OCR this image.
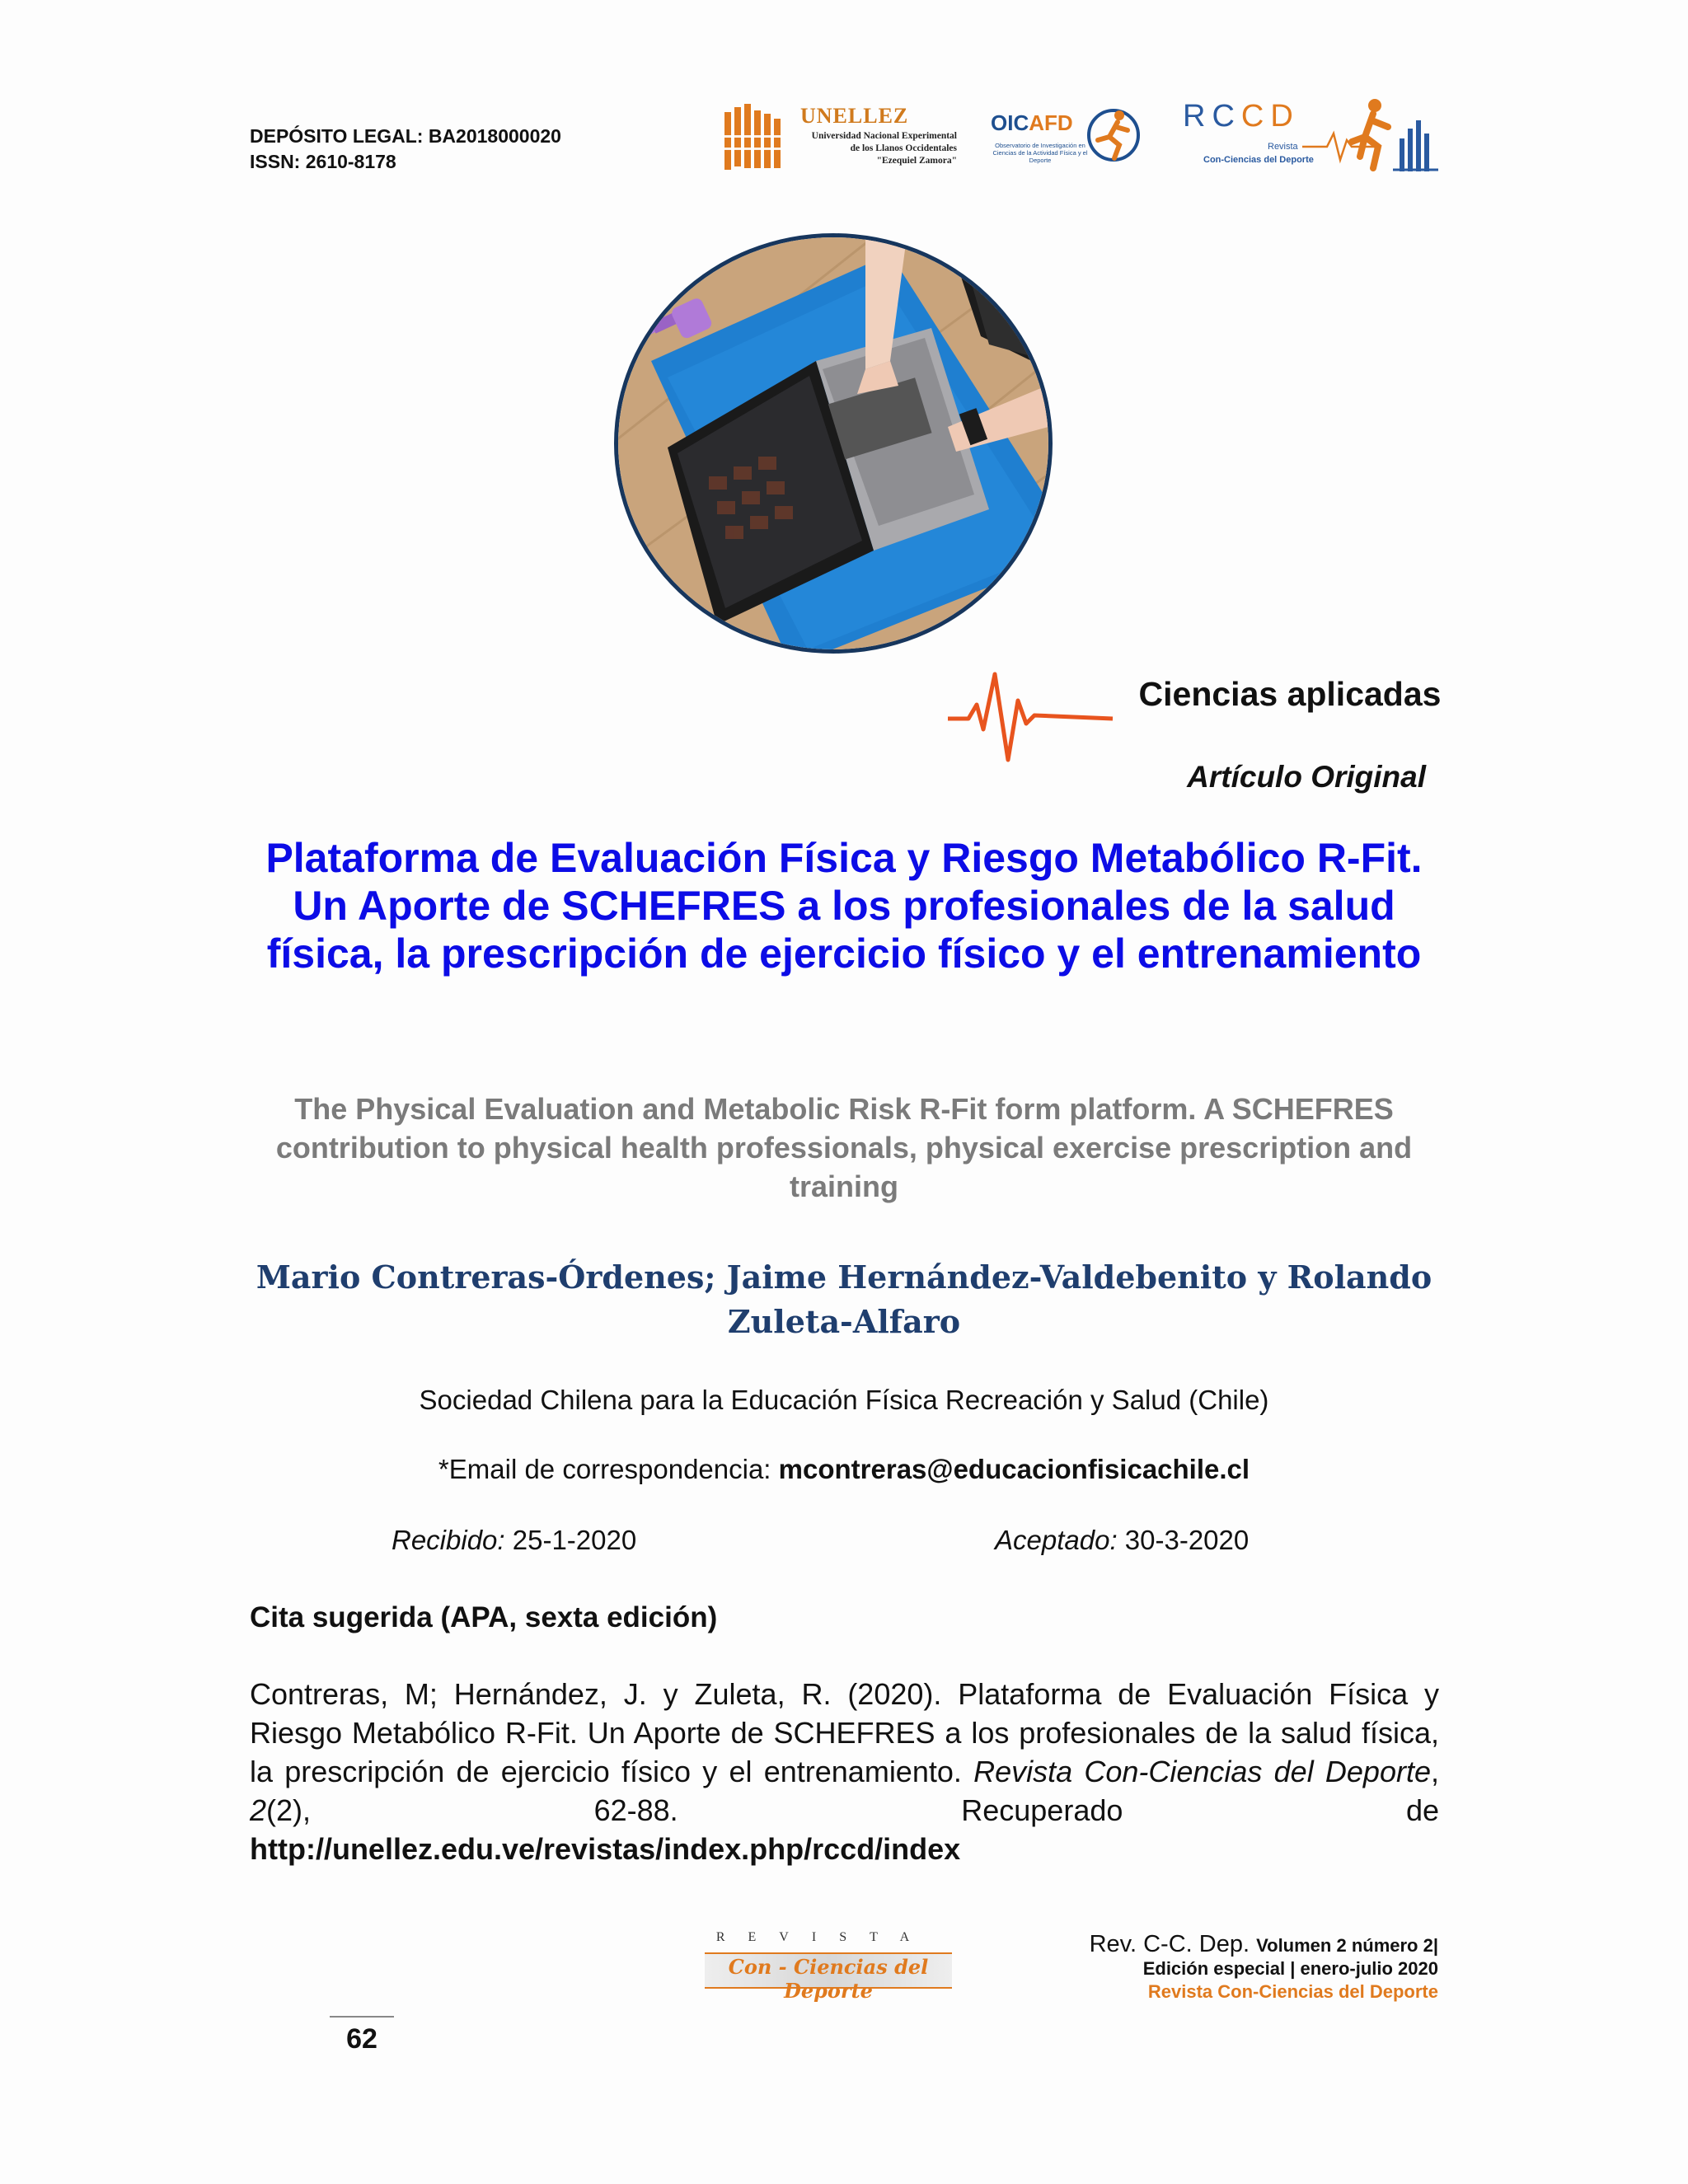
DEPÓSITO LEGAL: BA2018000020
ISSN: 2610-8178
UNELLEZ
Universidad Nacional Experimental
de los Llanos Occidentales
"Ezequiel Zamora"
OICAFD
Observatorio de Investigación en Ciencias de la Actividad Física y el Deporte
RCCD
Revista
Con-Ciencias del Deporte
Ciencias aplicadas
Artículo Original
Plataforma de Evaluación Física y Riesgo Metabólico R-Fit. Un Aporte de SCHEFRES a los profesionales de la salud física, la prescripción de ejercicio físico y el entrenamiento
The Physical Evaluation and Metabolic Risk R-Fit form platform. A SCHEFRES contribution to physical health professionals, physical exercise prescription and training
Mario Contreras-Órdenes; Jaime Hernández-Valdebenito y Rolando Zuleta-Alfaro
Sociedad Chilena para la Educación Física Recreación y Salud (Chile)
*Email de correspondencia: mcontreras@educacionfisicachile.cl
Recibido: 25-1-2020	Aceptado: 30-3-2020
Cita sugerida (APA, sexta edición)
Contreras, M; Hernández, J. y Zuleta, R. (2020). Plataforma de Evaluación Física y Riesgo Metabólico R-Fit. Un Aporte de SCHEFRES a los profesionales de la salud física, la prescripción de ejercicio físico y el entrenamiento. Revista Con-Ciencias del Deporte, 2(2), 62-88. Recuperado de
http://unellez.edu.ve/revistas/index.php/rccd/index
REVISTA
Con - Ciencias del Deporte
Rev. C-C. Dep. Volumen 2 número 2|
Edición especial | enero-julio 2020
Revista Con-Ciencias del Deporte
62
